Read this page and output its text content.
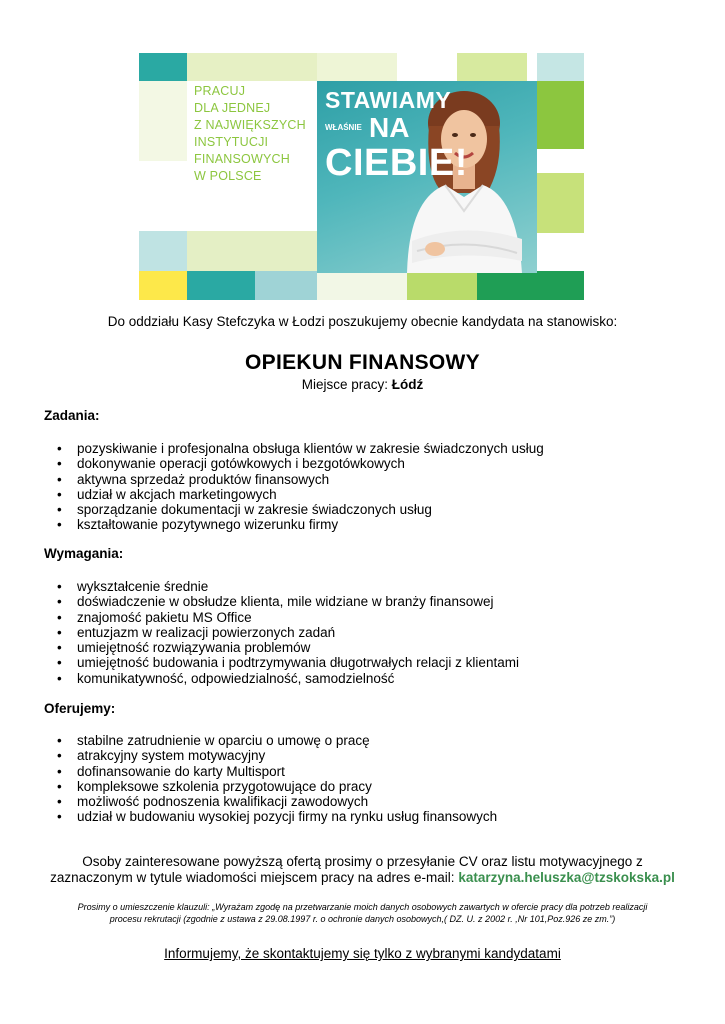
PRACUJ
DLA JEDNEJ
Z NAJWIĘKSZYCH
INSTYTUCJI
FINANSOWYCH
W POLSCE
STAWIAMY
WŁAŚNIE NA
CIEBIE!
Do oddziału Kasy Stefczyka w Łodzi poszukujemy obecnie kandydata na stanowisko:
OPIEKUN FINANSOWY
Miejsce pracy: Łódź
Zadania:
• pozyskiwanie i profesjonalna obsługa klientów w zakresie świadczonych usług
• dokonywanie operacji gotówkowych i bezgotówkowych
• aktywna sprzedaż produktów finansowych
• udział w akcjach marketingowych
• sporządzanie dokumentacji w zakresie świadczonych usług
• kształtowanie pozytywnego wizerunku firmy
Wymagania:
• wykształcenie średnie
• doświadczenie w obsłudze klienta, mile widziane w branży finansowej
• znajomość pakietu MS Office
• entuzjazm w realizacji powierzonych zadań
• umiejętność rozwiązywania problemów
• umiejętność budowania i podtrzymywania długotrwałych relacji z klientami
• komunikatywność, odpowiedzialność, samodzielność
Oferujemy:
• stabilne zatrudnienie w oparciu o umowę o pracę
• atrakcyjny system motywacyjny
• dofinansowanie do karty Multisport
• kompleksowe szkolenia przygotowujące do pracy
• możliwość podnoszenia kwalifikacji zawodowych
• udział w budowaniu wysokiej pozycji firmy na rynku usług finansowych
Osoby zainteresowane powyższą ofertą prosimy o przesyłanie CV oraz listu motywacyjnego z
zaznaczonym w tytule wiadomości miejscem pracy na adres e-mail: katarzyna.heluszka@tzskokska.pl
Prosimy o umieszczenie klauzuli: „Wyrażam zgodę na przetwarzanie moich danych osobowych zawartych w ofercie pracy dla potrzeb realizacji
procesu rekrutacji (zgodnie z ustawa z 29.08.1997 r. o ochronie danych osobowych,( DZ. U. z 2002 r. ,Nr 101,Poz.926 ze zm.”)
Informujemy, że skontaktujemy się tylko z wybranymi kandydatami
